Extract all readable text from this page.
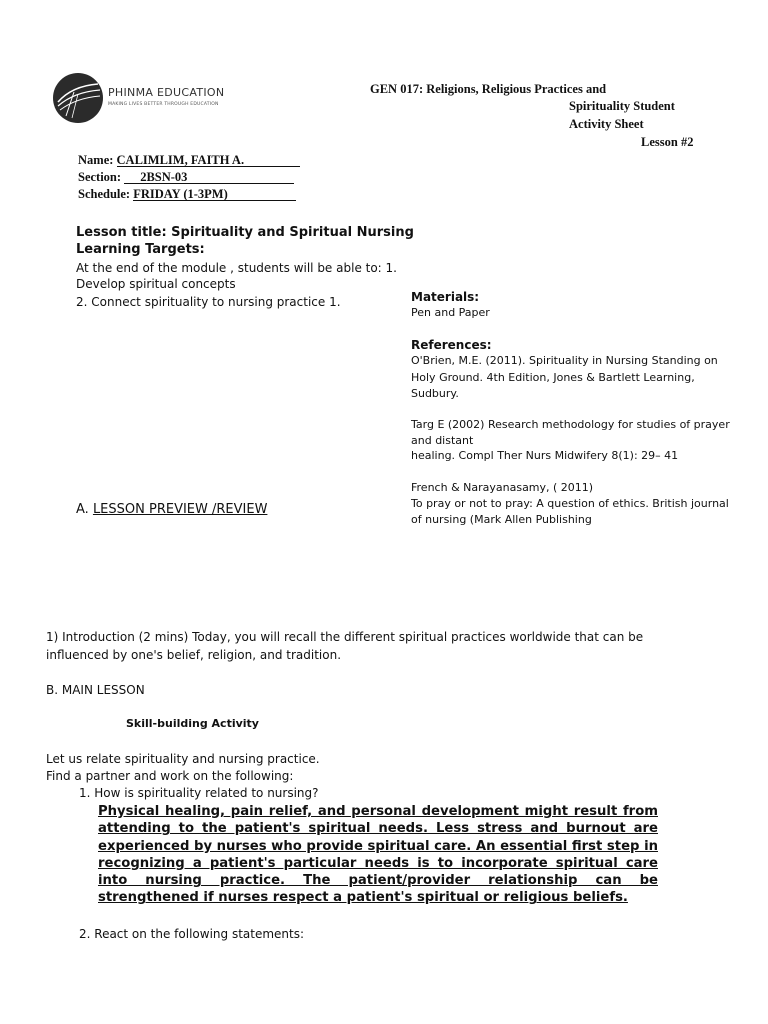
PHINMA EDUCATION
MAKING LIVES BETTER THROUGH EDUCATION
GEN 017: Religions, Religious Practices and
Spirituality Student
Activity Sheet
Lesson #2
Name: CALIMLIM, FAITH A.
Section: 2BSN-03
Schedule: FRIDAY (1-3PM)
Lesson title: Spirituality and Spiritual Nursing
Learning Targets:
At the end of the module , students will be able to: 1.
Develop spiritual concepts
2. Connect spirituality to nursing practice 1.	Materials:
Pen and Paper
References:
O'Brien, M.E. (2011). Spirituality in Nursing Standing on
Holy Ground. 4th Edition, Jones & Bartlett Learning,
Sudbury.
Targ E (2002) Research methodology for studies of prayer
and distant
healing. Compl Ther Nurs Midwifery 8(1): 29– 41
French & Narayanasamy, ( 2011)
To pray or not to pray: A question of ethics. British journal
of nursing (Mark Allen Publishing
A. LESSON PREVIEW /REVIEW
1) Introduction (2 mins) Today, you will recall the different spiritual practices worldwide that can be
influenced by one's belief, religion, and tradition.
B. MAIN LESSON
Skill-building Activity
Let us relate spirituality and nursing practice.
Find a partner and work on the following:
1. How is spirituality related to nursing?
Physical healing, pain relief, and personal development might result from attending to the patient's spiritual needs. Less stress and burnout are experienced by nurses who provide spiritual care. An essential first step in recognizing a patient's particular needs is to incorporate spiritual care into nursing practice. The patient/provider relationship can be strengthened if nurses respect a patient's spiritual or religious beliefs.
2. React on the following statements:
